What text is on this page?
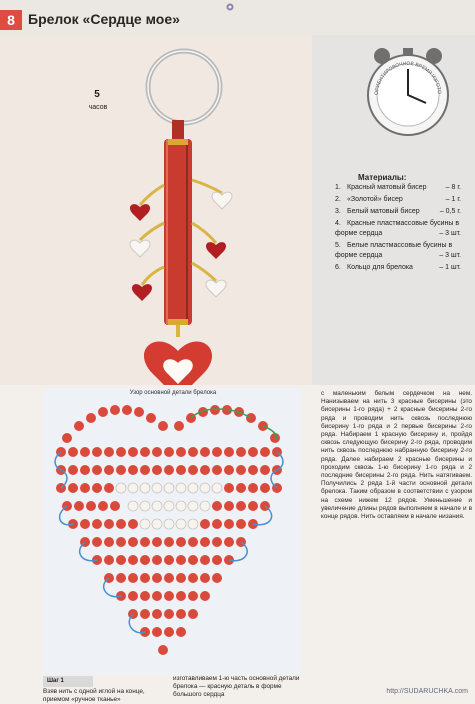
8 Брелок «Сердце мое»
ОРИЕНТИРОВОЧНОЕ ВРЕМЯ ИЗГОТО
5
часов
Материалы:
1. Красный матовый бисер	– 8 г.
2. «Золотой» бисер	– 1 г.
3. Белый матовый бисер	– 0,5 г.
4. Красные пластмассовые бусины в форме сердца	– 3 шт.
5. Белые пластмассовые бусины в форме сердца	– 3 шт.
6. Кольцо для брелока	– 1 шт.
Узор основной детали брелока	с маленьким белым сердечком на нем. Нанизываем на нить 3 красные бисерины (это бисерины 1-го ряда) + 2 красные бисерины 2-го ряда и проводим нить сквозь последнюю бисерину 1-го ряда и 2 первые бисерины 2-го ряда. Набираем 1 красную бисерину и, пройдя сквозь следующую бисерину 2-го ряда, проводим нить сквозь последнюю набранную бисерину 2-го ряда. Далее набираем 2 красные бисерины и проходим сквозь 1-ю бисерину 1-го ряда и 2 последние бисерины 2-го ряда. Нить натягиваем. Получились 2 ряда 1-й части основной детали брелока. Таким образом в соответствии с узором на схеме нижем 12 рядов. Уменьшение и увеличение длины рядов выполняем в начале и в конце рядов. Нить оставляем в начале низания.
Шаг 1
Взяв нить с одной иглой на конце, приемом «ручное тканье»
изготавливаем 1-ю часть основной детали брелока — красную деталь в форме большого сердца	http://SUDARUCHKA.com
